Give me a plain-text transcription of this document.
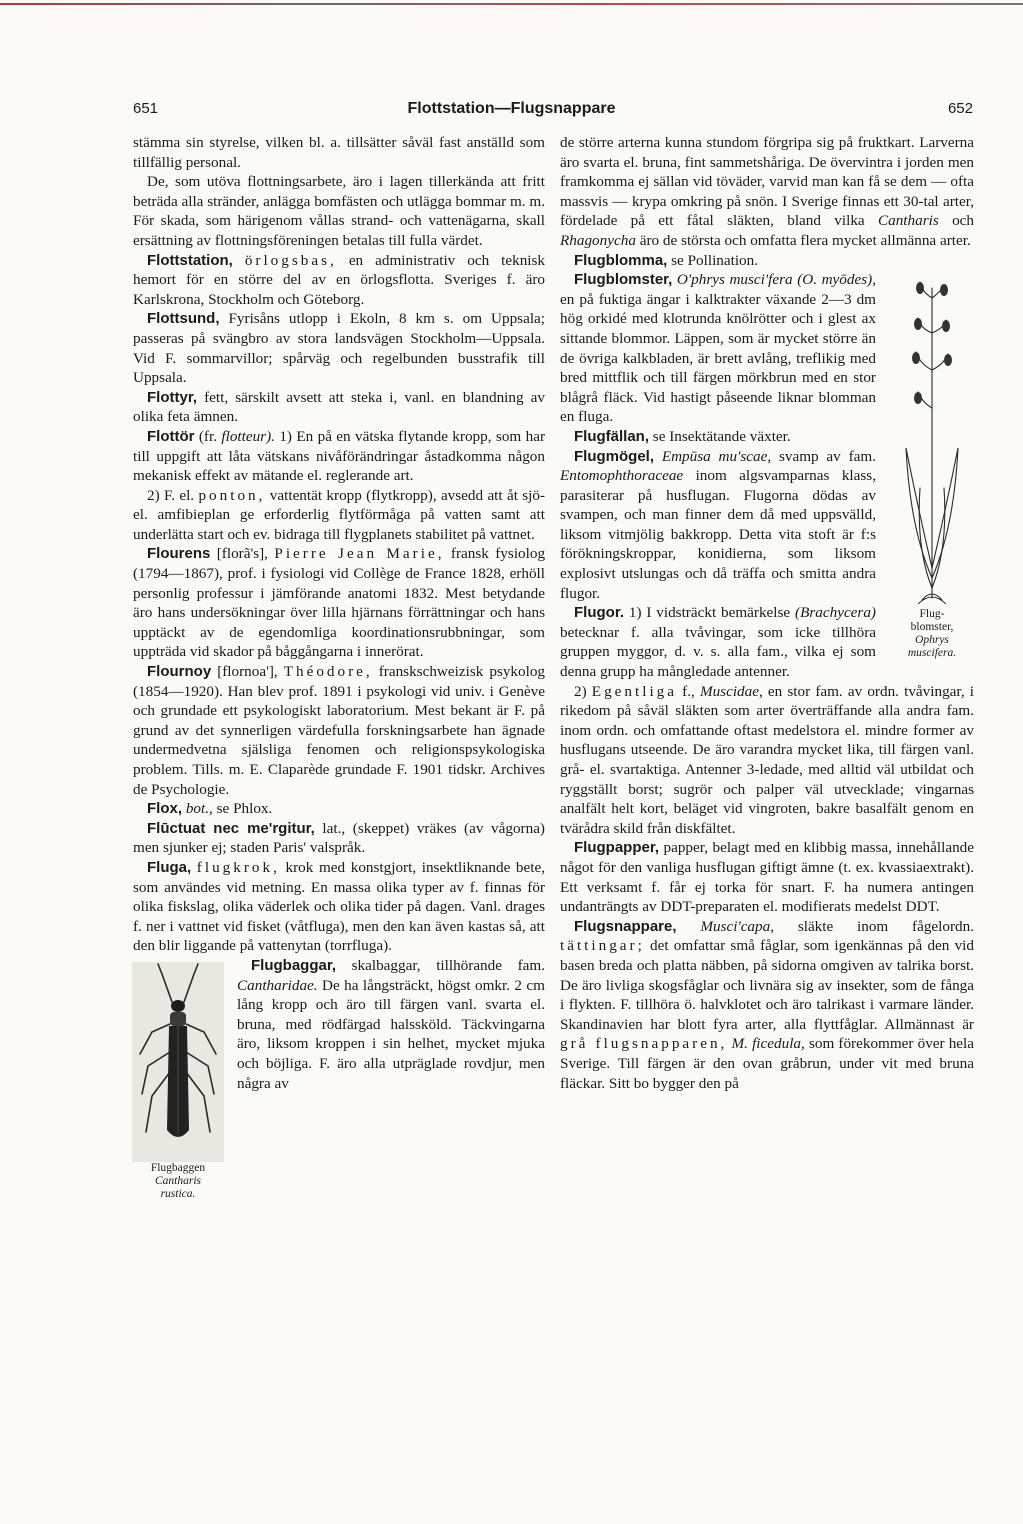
651	Flottstation—Flugsnappare	652

stämma sin styrelse, vilken bl. a. tillsätter såväl fast anställd som tillfällig personal.

De, som utöva flottningsarbete, äro i lagen tillerkända att fritt beträda alla stränder, anlägga bomfästen och utlägga bommar m. m. För skada, som härigenom vållas strand- och vattenägarna, skall ersättning av flottningsföreningen betalas till fulla värdet.

Flottstation, örlogsbas, en administrativ och teknisk hemort för en större del av en örlogsflotta. Sveriges f. äro Karlskrona, Stockholm och Göteborg.

Flottsund, Fyrisåns utlopp i Ekoln, 8 km s. om Uppsala; passeras på svängbro av stora landsvägen Stockholm—Uppsala. Vid F. sommarvillor; spårväg och regelbunden busstrafik till Uppsala.

Flottyr, fett, särskilt avsett att steka i, vanl. en blandning av olika feta ämnen.

Flottör (fr. flotteur). 1) En på en vätska flytande kropp, som har till uppgift att låta vätskans nivåförändringar åstadkomma någon mekanisk effekt av mätande el. reglerande art.

2) F. el. ponton, vattentät kropp (flytkropp), avsedd att åt sjö- el. amfibieplan ge erforderlig flytförmåga på vatten samt att underlätta start och ev. bidraga till flygplanets stabilitet på vattnet.

Flourens [florã's], Pierre Jean Marie, fransk fysiolog (1794—1867), prof. i fysiologi vid Collège de France 1828, erhöll personlig professur i jämförande anatomi 1832. Mest betydande äro hans undersökningar över lilla hjärnans förrättningar och hans upptäckt av de egendomliga koordinationsrubbningar, som uppträda vid skador på båggångarna i innerörat.

Flournoy [flornoa'], Théodore, franskschweizisk psykolog (1854—1920). Han blev prof. 1891 i psykologi vid univ. i Genève och grundade ett psykologiskt laboratorium. Mest bekant är F. på grund av det synnerligen värdefulla forskningsarbete han ägnade undermedvetna själsliga fenomen och religionspsykologiska problem. Tills. m. E. Claparède grundade F. 1901 tidskr. Archives de Psychologie.

Flox, bot., se Phlox.

Flūctuat nec me'rgitur, lat., (skeppet) vräkes (av vågorna) men sjunker ej; staden Paris' valspråk.

Fluga, flugkrok, krok med konstgjort, insektliknande bete, som användes vid metning. En massa olika typer av f. finnas för olika fiskslag, olika väderlek och olika tider på dagen. Vanl. drages f. ner i vattnet vid fisket (våtfluga), men den kan även kastas så, att den blir liggande på vattenytan (torrfluga).

Flugbaggen
Cantharis
rustica.

Flugbaggar, skalbaggar, tillhörande fam. Cantharidae. De ha långsträckt, högst omkr. 2 cm lång kropp och äro till färgen vanl. svarta el. bruna, med rödfärgad halssköld. Täckvingarna äro, liksom kroppen i sin helhet, mycket mjuka och böjliga. F. äro alla utpräglade rovdjur, men några av

de större arterna kunna stundom förgripa sig på fruktkart. Larverna äro svarta el. bruna, fint sammetshåriga. De övervintra i jorden men framkomma ej sällan vid töväder, varvid man kan få se dem — ofta massvis — krypa omkring på snön. I Sverige finnas ett 30-tal arter, fördelade på ett fåtal släkten, bland vilka Cantharis och Rhagonycha äro de största och omfatta flera mycket allmänna arter.

Flugblomma, se Pollination.

Flug-
blomster,
Ophrys
muscifera.

Flugblomster, O'phrys musci'fera (O. myōdes), en på fuktiga ängar i kalktrakter växande 2—3 dm hög orkidé med klotrunda knölrötter och i glest ax sittande blommor. Läppen, som är mycket större än de övriga kalkbladen, är brett avlång, treflikig med bred mittflik och till färgen mörkbrun med en stor blågrå fläck. Vid hastigt påseende liknar blomman en fluga.

Flugfällan, se Insektätande växter.

Flugmögel, Empūsa mu'scae, svamp av fam. Entomophthoraceae inom algsvamparnas klass, parasiterar på husflugan. Flugorna dödas av svampen, och man finner dem då med uppsvälld, liksom vitmjölig bakkropp. Detta vita stoft är f:s förökningskroppar, konidierna, som liksom explosivt utslungas och då träffa och smitta andra flugor.

Flugor. 1) I vidsträckt bemärkelse (Brachycera) betecknar f. alla tvåvingar, som icke tillhöra gruppen myggor, d. v. s. alla fam., vilka ej som denna grupp ha mångledade antenner.

2) Egentliga f., Muscidae, en stor fam. av ordn. tvåvingar, i rikedom på såväl släkten som arter överträffande alla andra fam. inom ordn. och omfattande oftast medelstora el. mindre former av husflugans utseende. De äro varandra mycket lika, till färgen vanl. grå- el. svartaktiga. Antenner 3-ledade, med alltid väl utbildat och ryggställt borst; sugrör och palper väl utvecklade; vingarnas analfält helt kort, beläget vid vingroten, bakre basalfält genom en tvärådra skild från diskfältet.

Flugpapper, papper, belagt med en klibbig massa, innehållande något för den vanliga husflugan giftigt ämne (t. ex. kvassiaextrakt). Ett verksamt f. får ej torka för snart. F. ha numera antingen undanträngts av DDT-preparaten el. modifierats medelst DDT.

Flugsnappare, Musci'capa, släkte inom fågelordn. tättingar; det omfattar små fåglar, som igenkännas på den vid basen breda och platta näbben, på sidorna omgiven av talrika borst. De äro livliga skogsfåglar och livnära sig av insekter, som de fånga i flykten. F. tillhöra ö. halvklotet och äro talrikast i varmare länder. Skandinavien har blott fyra arter, alla flyttfåglar. Allmännast är grå flugsnapparen, M. ficedula, som förekommer över hela Sverige. Till färgen är den ovan gråbrun, under vit med bruna fläckar. Sitt bo bygger den på
